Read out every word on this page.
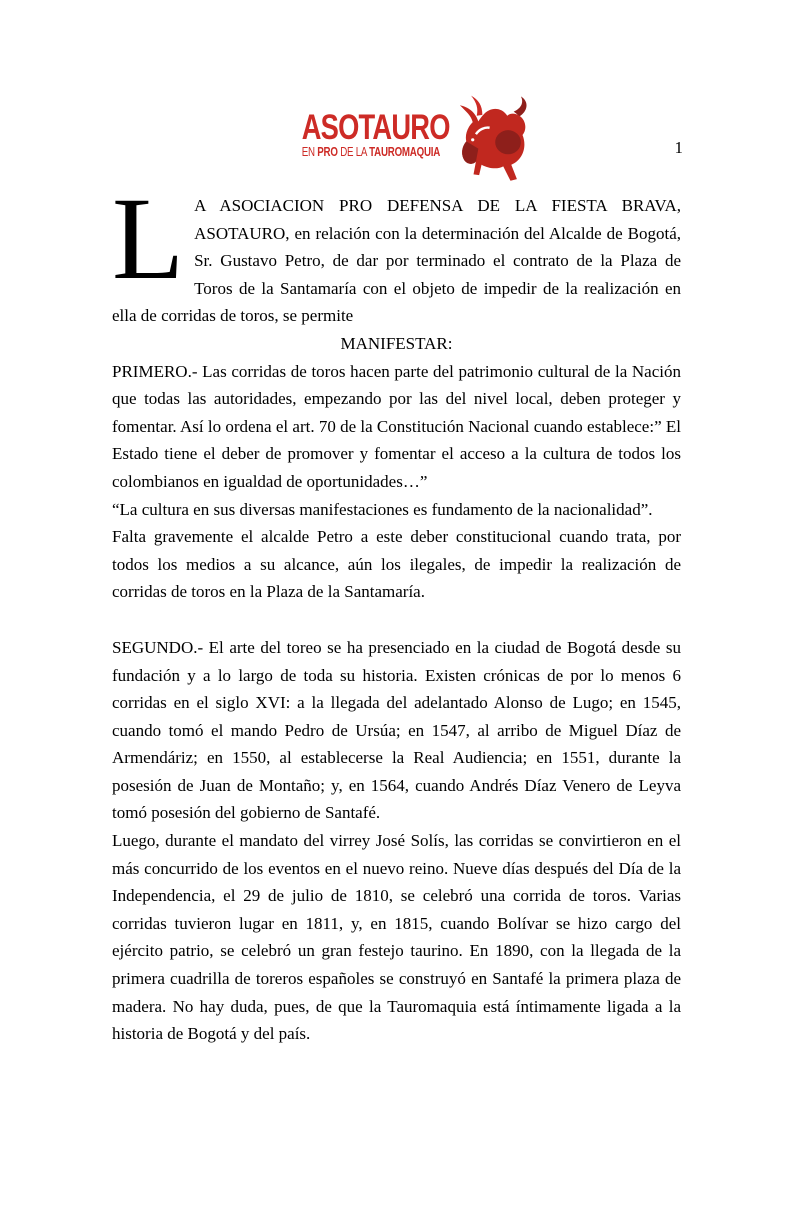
1
ASOTAURO
EN PRO DE LA TAUROMAQUIA

L A ASOCIACION PRO DEFENSA DE LA FIESTA BRAVA, ASOTAURO, en relación con la determinación del Alcalde de Bogotá, Sr. Gustavo Petro, de dar por terminado el contrato de la Plaza de Toros de la Santamaría con el objeto de impedir de la realización en ella de corridas de toros, se permite

MANIFESTAR:

PRIMERO.- Las corridas de toros hacen parte del patrimonio cultural de la Nación que todas las autoridades, empezando por las del nivel local, deben proteger y fomentar. Así lo ordena el art. 70 de la Constitución Nacional cuando establece:” El Estado tiene el deber de promover y fomentar el acceso a la cultura de todos los colombianos en igualdad de oportunidades…”

“La cultura en sus diversas manifestaciones es fundamento de la nacionalidad”.

Falta gravemente el alcalde Petro a este deber constitucional cuando trata, por todos los medios a su alcance, aún los ilegales, de impedir la realización de corridas de toros en la Plaza de la Santamaría.

SEGUNDO.- El arte del toreo se ha presenciado en la ciudad de Bogotá desde su fundación y a lo largo de toda su historia. Existen crónicas de por lo menos 6 corridas en el siglo XVI: a la llegada del adelantado Alonso de Lugo; en 1545, cuando tomó el mando Pedro de Ursúa; en 1547, al arribo de Miguel Díaz de Armendáriz; en 1550, al establecerse la Real Audiencia; en 1551, durante la posesión de Juan de Montaño; y, en 1564, cuando Andrés Díaz Venero de Leyva tomó posesión del gobierno de Santafé.

Luego, durante el mandato del virrey José Solís, las corridas se convirtieron en el más concurrido de los eventos en el nuevo reino. Nueve días después del Día de la Independencia, el 29 de julio de 1810, se celebró una corrida de toros. Varias corridas tuvieron lugar en 1811, y, en 1815, cuando Bolívar se hizo cargo del ejército patrio, se celebró un gran festejo taurino. En 1890, con la llegada de la primera cuadrilla de toreros españoles se construyó en Santafé la primera plaza de madera. No hay duda, pues, de que la Tauromaquia está íntimamente ligada a la historia de Bogotá y del país.
